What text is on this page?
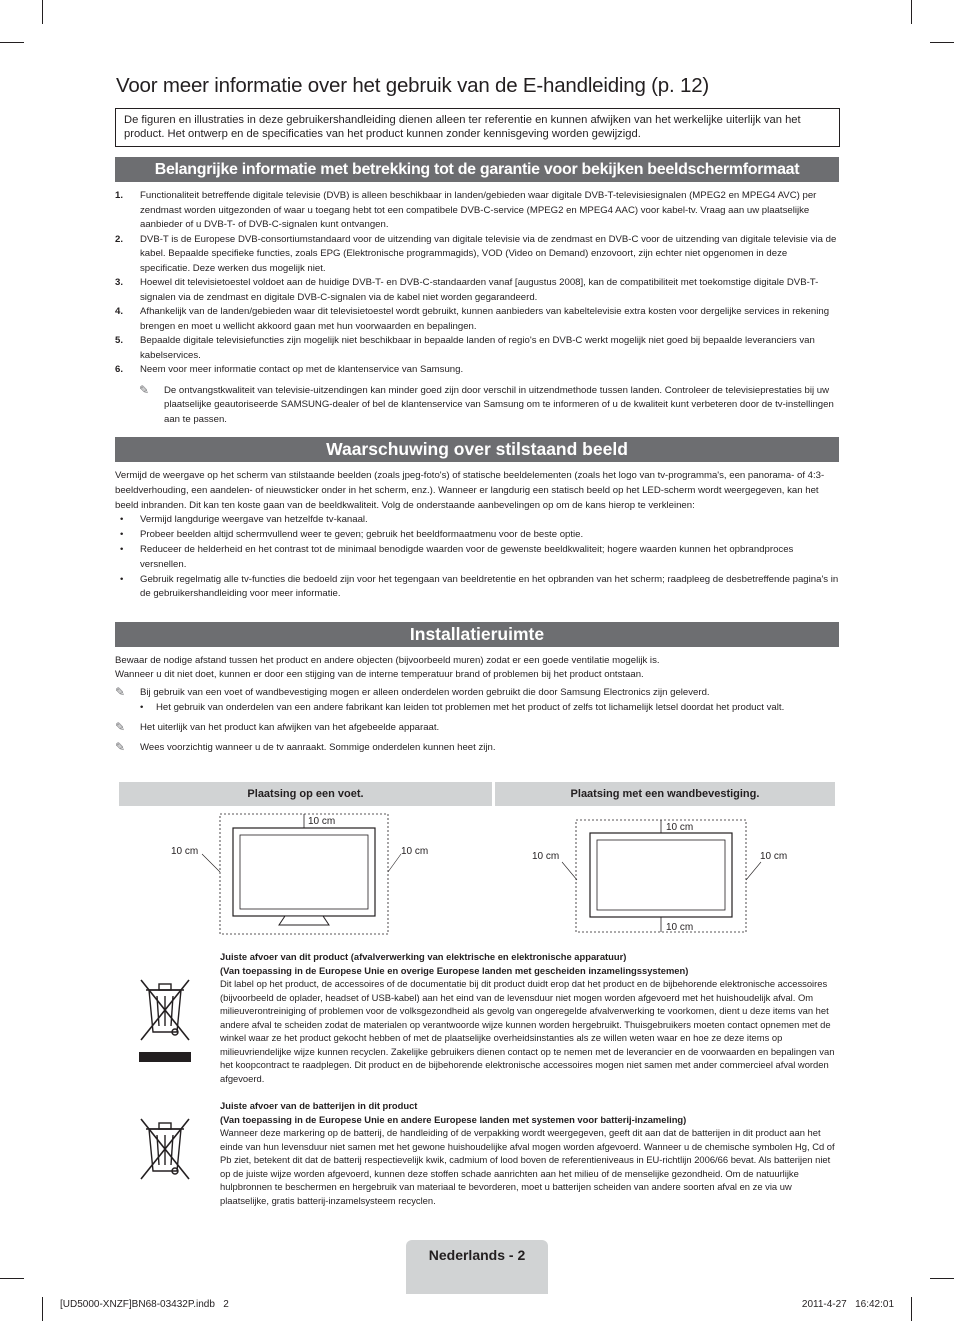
Voor meer informatie over het gebruik van de E-handleiding (p. 12)
De figuren en illustraties in deze gebruikershandleiding dienen alleen ter referentie en kunnen afwijken van het werkelijke uiterlijk van het product. Het ontwerp en de specificaties van het product kunnen zonder kennisgeving worden gewijzigd.
Belangrijke informatie met betrekking tot de garantie voor bekijken beeldschermformaat
1. Functionaliteit betreffende digitale televisie (DVB) is alleen beschikbaar in landen/gebieden waar digitale DVB-T-televisiesignalen (MPEG2 en MPEG4 AVC) per zendmast worden uitgezonden of waar u toegang hebt tot een compatibele DVB-C-service (MPEG2 en MPEG4 AAC) voor kabel-tv. Vraag aan uw plaatselijke aanbieder of u DVB-T- of DVB-C-signalen kunt ontvangen.
2. DVB-T is de Europese DVB-consortiumstandaard voor de uitzending van digitale televisie via de zendmast en DVB-C voor de uitzending van digitale televisie via de kabel. Bepaalde specifieke functies, zoals EPG (Elektronische programmagids), VOD (Video on Demand) enzovoort, zijn echter niet opgenomen in deze specificatie. Deze werken dus mogelijk niet.
3. Hoewel dit televisietoestel voldoet aan de huidige DVB-T- en DVB-C-standaarden vanaf [augustus 2008], kan de compatibiliteit met toekomstige digitale DVB-T-signalen via de zendmast en digitale DVB-C-signalen via de kabel niet worden gegarandeerd.
4. Afhankelijk van de landen/gebieden waar dit televisietoestel wordt gebruikt, kunnen aanbieders van kabeltelevisie extra kosten voor dergelijke services in rekening brengen en moet u wellicht akkoord gaan met hun voorwaarden en bepalingen.
5. Bepaalde digitale televisiefuncties zijn mogelijk niet beschikbaar in bepaalde landen of regio's en DVB-C werkt mogelijk niet goed bij bepaalde leveranciers van kabelservices.
6. Neem voor meer informatie contact op met de klantenservice van Samsung.
✎ De ontvangstkwaliteit van televisie-uitzendingen kan minder goed zijn door verschil in uitzendmethode tussen landen. Controleer de televisieprestaties bij uw plaatselijke geautoriseerde SAMSUNG-dealer of bel de klantenservice van Samsung om te informeren of u de kwaliteit kunt verbeteren door de tv-instellingen aan te passen.
Waarschuwing over stilstaand beeld
Vermijd de weergave op het scherm van stilstaande beelden (zoals jpeg-foto's) of statische beeldelementen (zoals het logo van tv-programma's, een panorama- of 4:3-beeldverhouding, een aandelen- of nieuwsticker onder in het scherm, enz.). Wanneer er langdurig een statisch beeld op het LED-scherm wordt weergegeven, kan het beeld inbranden. Dit kan ten koste gaan van de beeldkwaliteit. Volg de onderstaande aanbevelingen op om de kans hierop te verkleinen:
• Vermijd langdurige weergave van hetzelfde tv-kanaal.
• Probeer beelden altijd schermvullend weer te geven; gebruik het beeldformaatmenu voor de beste optie.
• Reduceer de helderheid en het contrast tot de minimaal benodigde waarden voor de gewenste beeldkwaliteit; hogere waarden kunnen het opbrandproces versnellen.
• Gebruik regelmatig alle tv-functies die bedoeld zijn voor het tegengaan van beeldretentie en het opbranden van het scherm; raadpleeg de desbetreffende pagina's in de gebruikershandleiding voor meer informatie.
Installatieruimte
Bewaar de nodige afstand tussen het product en andere objecten (bijvoorbeeld muren) zodat er een goede ventilatie mogelijk is.
Wanneer u dit niet doet, kunnen er door een stijging van de interne temperatuur brand of problemen bij het product ontstaan.
✎ Bij gebruik van een voet of wandbevestiging mogen er alleen onderdelen worden gebruikt die door Samsung Electronics zijn geleverd.
• Het gebruik van onderdelen van een andere fabrikant kan leiden tot problemen met het product of zelfs tot lichamelijk letsel doordat het product valt.
✎ Het uiterlijk van het product kan afwijken van het afgebeelde apparaat.
✎ Wees voorzichtig wanneer u de tv aanraakt. Sommige onderdelen kunnen heet zijn.
Plaatsing op een voet.	Plaatsing met een wandbevestiging.
10 cm
10 cm	10 cm
10 cm
10 cm
10 cm	10 cm
Juiste afvoer van dit product (afvalverwerking van elektrische en elektronische apparatuur)
(Van toepassing in de Europese Unie en overige Europese landen met gescheiden inzamelingssystemen)
Dit label op het product, de accessoires of de documentatie bij dit product duidt erop dat het product en de bijbehorende elektronische accessoires (bijvoorbeeld de oplader, headset of USB-kabel) aan het eind van de levensduur niet mogen worden afgevoerd met het huishoudelijk afval. Om milieuverontreiniging of problemen voor de volksgezondheid als gevolg van ongeregelde afvalverwerking te voorkomen, dient u deze items van het andere afval te scheiden zodat de materialen op verantwoorde wijze kunnen worden hergebruikt. Thuisgebruikers moeten contact opnemen met de winkel waar ze het product gekocht hebben of met de plaatselijke overheidsinstanties als ze willen weten waar en hoe ze deze items op milieuvriendelijke wijze kunnen recyclen. Zakelijke gebruikers dienen contact op te nemen met de leverancier en de voorwaarden en bepalingen van het koopcontract te raadplegen. Dit product en de bijbehorende elektronische accessoires mogen niet samen met ander commercieel afval worden afgevoerd.
Juiste afvoer van de batterijen in dit product
(Van toepassing in de Europese Unie en andere Europese landen met systemen voor batterij-inzameling)
Wanneer deze markering op de batterij, de handleiding of de verpakking wordt weergegeven, geeft dit aan dat de batterijen in dit product aan het einde van hun levensduur niet samen met het gewone huishoudelijke afval mogen worden afgevoerd. Wanneer u de chemische symbolen Hg, Cd of Pb ziet, betekent dit dat de batterij respectievelijk kwik, cadmium of lood boven de referentieniveaus in EU-richtlijn 2006/66 bevat. Als batterijen niet op de juiste wijze worden afgevoerd, kunnen deze stoffen schade aanrichten aan het milieu of de menselijke gezondheid. Om de natuurlijke hulpbronnen te beschermen en hergebruik van materiaal te bevorderen, moet u batterijen scheiden van andere soorten afval en ze via uw plaatselijke, gratis batterij-inzamelsysteem recyclen.
Nederlands - 2
[UD5000-XNZF]BN68-03432P.indb   2	2011-4-27   16:42:01
